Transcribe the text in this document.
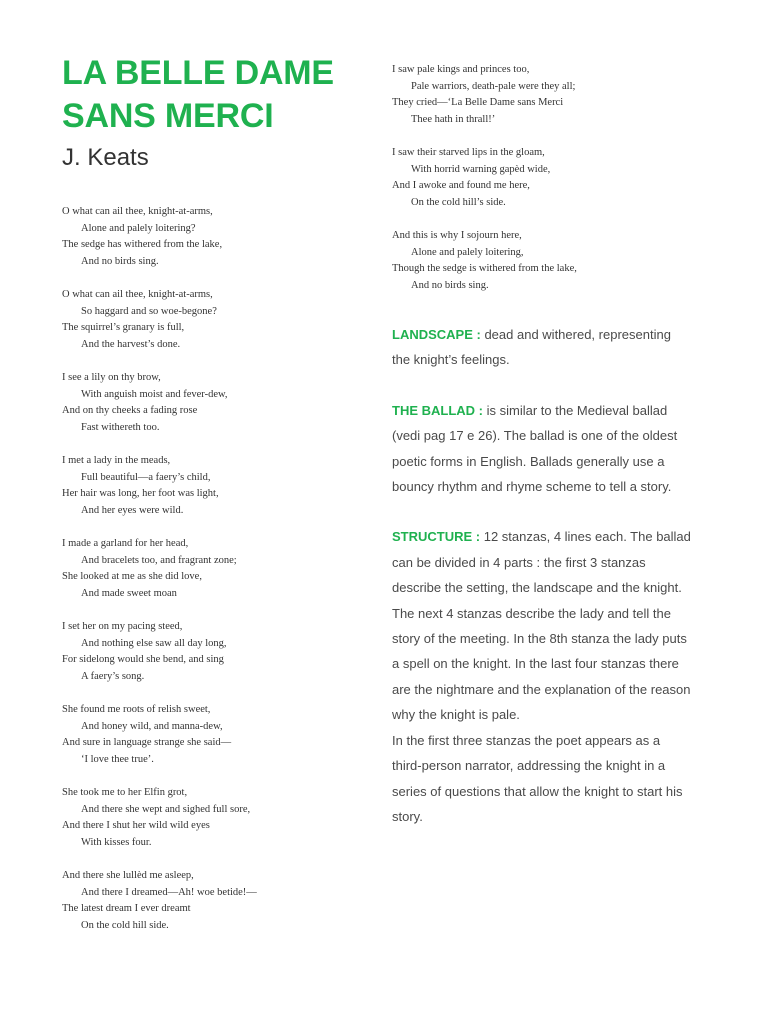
LA BELLE DAME
SANS MERCI
J. Keats
O what can ail thee, knight-at-arms,
Alone and palely loitering?
The sedge has withered from the lake,
And no birds sing.
O what can ail thee, knight-at-arms,
So haggard and so woe-begone?
The squirrel’s granary is full,
And the harvest’s done.
I see a lily on thy brow,
With anguish moist and fever-dew,
And on thy cheeks a fading rose
Fast withereth too.
I met a lady in the meads,
Full beautiful—a faery’s child,
Her hair was long, her foot was light,
And her eyes were wild.
I made a garland for her head,
And bracelets too, and fragrant zone;
She looked at me as she did love,
And made sweet moan
I set her on my pacing steed,
And nothing else saw all day long,
For sidelong would she bend, and sing
A faery’s song.
She found me roots of relish sweet,
And honey wild, and manna-dew,
And sure in language strange she said—
‘I love thee true’.
She took me to her Elfin grot,
And there she wept and sighed full sore,
And there I shut her wild wild eyes
With kisses four.
And there she lullèd me asleep,
And there I dreamed—Ah! woe betide!—
The latest dream I ever dreamt
On the cold hill side.
I saw pale kings and princes too,
Pale warriors, death-pale were they all;
They cried—‘La Belle Dame sans Merci
Thee hath in thrall!’
I saw their starved lips in the gloam,
With horrid warning gapèd wide,
And I awoke and found me here,
On the cold hill’s side.
And this is why I sojourn here,
Alone and palely loitering,
Though the sedge is withered from the lake,
And no birds sing.
LANDSCAPE : dead and withered, representing the knight’s feelings.
THE BALLAD : is similar to the Medieval ballad (vedi pag 17 e 26). The ballad is one of the oldest poetic forms in English. Ballads generally use a bouncy rhythm and rhyme scheme to tell a story.
STRUCTURE : 12 stanzas, 4 lines each. The ballad can be divided in 4 parts : the first 3 stanzas describe the setting, the landscape and the knight. The next 4 stanzas describe the lady and tell the story of the meeting. In the 8th stanza the lady puts a spell on the knight. In the last four stanzas there are the nightmare and the explanation of the reason why the knight is pale.
In the first three stanzas the poet appears as a third-person narrator, addressing the knight in a series of questions that allow the knight to start his story.
